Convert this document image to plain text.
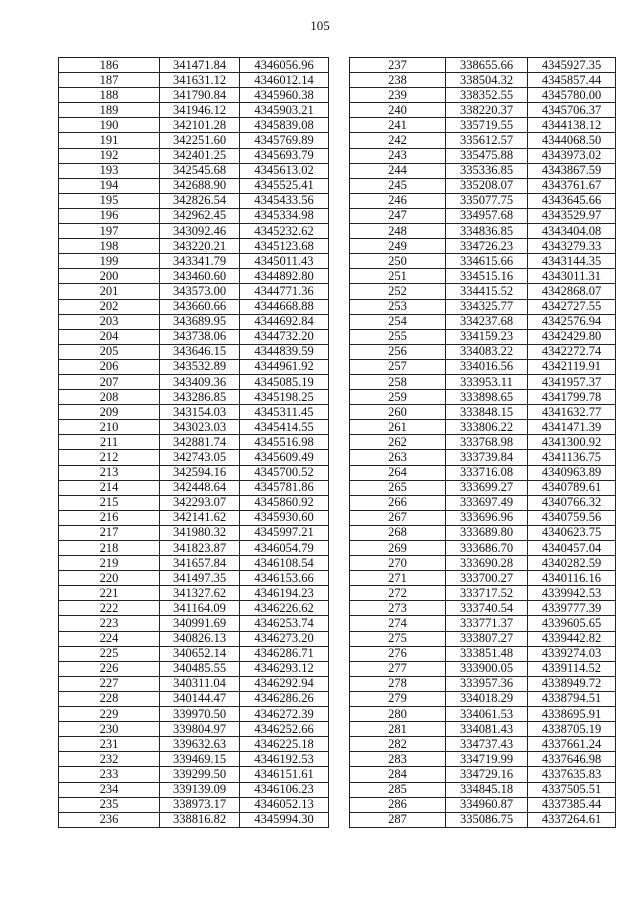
105
186	341471.84	4346056.96
187	341631.12	4346012.14
188	341790.84	4345960.38
189	341946.12	4345903.21
190	342101.28	4345839.08
191	342251.60	4345769.89
192	342401.25	4345693.79
193	342545.68	4345613.02
194	342688.90	4345525.41
195	342826.54	4345433.56
196	342962.45	4345334.98
197	343092.46	4345232.62
198	343220.21	4345123.68
199	343341.79	4345011.43
200	343460.60	4344892.80
201	343573.00	4344771.36
202	343660.66	4344668.88
203	343689.95	4344692.84
204	343738.06	4344732.20
205	343646.15	4344839.59
206	343532.89	4344961.92
207	343409.36	4345085.19
208	343286.85	4345198.25
209	343154.03	4345311.45
210	343023.03	4345414.55
211	342881.74	4345516.98
212	342743.05	4345609.49
213	342594.16	4345700.52
214	342448.64	4345781.86
215	342293.07	4345860.92
216	342141.62	4345930.60
217	341980.32	4345997.21
218	341823.87	4346054.79
219	341657.84	4346108.54
220	341497.35	4346153.66
221	341327.62	4346194.23
222	341164.09	4346226.62
223	340991.69	4346253.74
224	340826.13	4346273.20
225	340652.14	4346286.71
226	340485.55	4346293.12
227	340311.04	4346292.94
228	340144.47	4346286.26
229	339970.50	4346272.39
230	339804.97	4346252.66
231	339632.63	4346225.18
232	339469.15	4346192.53
233	339299.50	4346151.61
234	339139.09	4346106.23
235	338973.17	4346052.13
236	338816.82	4345994.30
237	338655.66	4345927.35
238	338504.32	4345857.44
239	338352.55	4345780.00
240	338220.37	4345706.37
241	335719.55	4344138.12
242	335612.57	4344068.50
243	335475.88	4343973.02
244	335336.85	4343867.59
245	335208.07	4343761.67
246	335077.75	4343645.66
247	334957.68	4343529.97
248	334836.85	4343404.08
249	334726.23	4343279.33
250	334615.66	4343144.35
251	334515.16	4343011.31
252	334415.52	4342868.07
253	334325.77	4342727.55
254	334237.68	4342576.94
255	334159.23	4342429.80
256	334083.22	4342272.74
257	334016.56	4342119.91
258	333953.11	4341957.37
259	333898.65	4341799.78
260	333848.15	4341632.77
261	333806.22	4341471.39
262	333768.98	4341300.92
263	333739.84	4341136.75
264	333716.08	4340963.89
265	333699.27	4340789.61
266	333697.49	4340766.32
267	333696.96	4340759.56
268	333689.80	4340623.75
269	333686.70	4340457.04
270	333690.28	4340282.59
271	333700.27	4340116.16
272	333717.52	4339942.53
273	333740.54	4339777.39
274	333771.37	4339605.65
275	333807.27	4339442.82
276	333851.48	4339274.03
277	333900.05	4339114.52
278	333957.36	4338949.72
279	334018.29	4338794.51
280	334061.53	4338695.91
281	334081.43	4338705.19
282	334737.43	4337661.24
283	334719.99	4337646.98
284	334729.16	4337635.83
285	334845.18	4337505.51
286	334960.87	4337385.44
287	335086.75	4337264.61
